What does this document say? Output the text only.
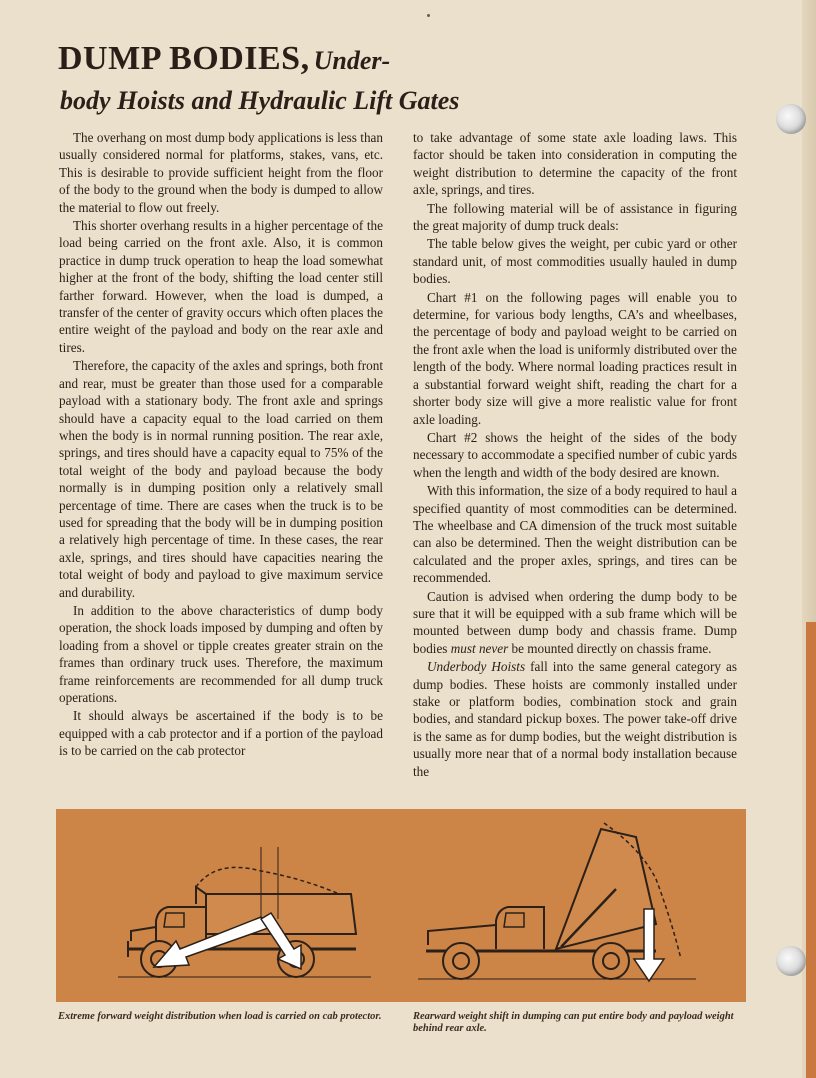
DUMP BODIES, Under-
body Hoists and Hydraulic Lift Gates

The overhang on most dump body applications is less than usually considered normal for platforms, stakes, vans, etc. This is desirable to provide sufficient height from the floor of the body to the ground when the body is dumped to allow the material to flow out freely.

This shorter overhang results in a higher percentage of the load being carried on the front axle. Also, it is common practice in dump truck operation to heap the load somewhat higher at the front of the body, shifting the load center still farther forward. However, when the load is dumped, a transfer of the center of gravity occurs which often places the entire weight of the payload and body on the rear axle and tires.

Therefore, the capacity of the axles and springs, both front and rear, must be greater than those used for a comparable payload with a stationary body. The front axle and springs should have a capacity equal to the load carried on them when the body is in normal running position. The rear axle, springs, and tires should have a capacity equal to 75% of the total weight of the body and payload because the body normally is in dumping position only a relatively small percentage of time. There are cases when the truck is to be used for spreading that the body will be in dumping position a relatively high percentage of time. In these cases, the rear axle, springs, and tires should have capacities nearing the total weight of body and payload to give maximum service and durability.

In addition to the above characteristics of dump body operation, the shock loads imposed by dumping and often by loading from a shovel or tipple creates greater strain on the frames than ordinary truck uses. Therefore, the maximum frame reinforcements are recommended for all dump truck operations.

It should always be ascertained if the body is to be equipped with a cab protector and if a portion of the payload is to be carried on the cab protector

to take advantage of some state axle loading laws. This factor should be taken into consideration in computing the weight distribution to determine the capacity of the front axle, springs, and tires.

The following material will be of assistance in figuring the great majority of dump truck deals:

The table below gives the weight, per cubic yard or other standard unit, of most commodities usually hauled in dump bodies.

Chart #1 on the following pages will enable you to determine, for various body lengths, CA’s and wheelbases, the percentage of body and payload weight to be carried on the front axle when the load is uniformly distributed over the length of the body. Where normal loading practices result in a substantial forward weight shift, reading the chart for a shorter body size will give a more realistic value for front axle loading.

Chart #2 shows the height of the sides of the body necessary to accommodate a specified number of cubic yards when the length and width of the body desired are known.

With this information, the size of a body required to haul a specified quantity of most commodities can be determined. The wheelbase and CA dimension of the truck most suitable can also be determined. Then the weight distribution can be calculated and the proper axles, springs, and tires can be recommended.

Caution is advised when ordering the dump body to be sure that it will be equipped with a sub frame which will be mounted between dump body and chassis frame. Dump bodies must never be mounted directly on chassis frame.

Underbody Hoists fall into the same general category as dump bodies. These hoists are commonly installed under stake or platform bodies, combination stock and grain bodies, and standard pickup boxes. The power take-off drive is the same as for dump bodies, but the weight distribution is usually more near that of a normal body installation because the

Extreme forward weight distribution when load is carried on cab protector.	Rearward weight shift in dumping can put entire body and payload weight behind rear axle.
